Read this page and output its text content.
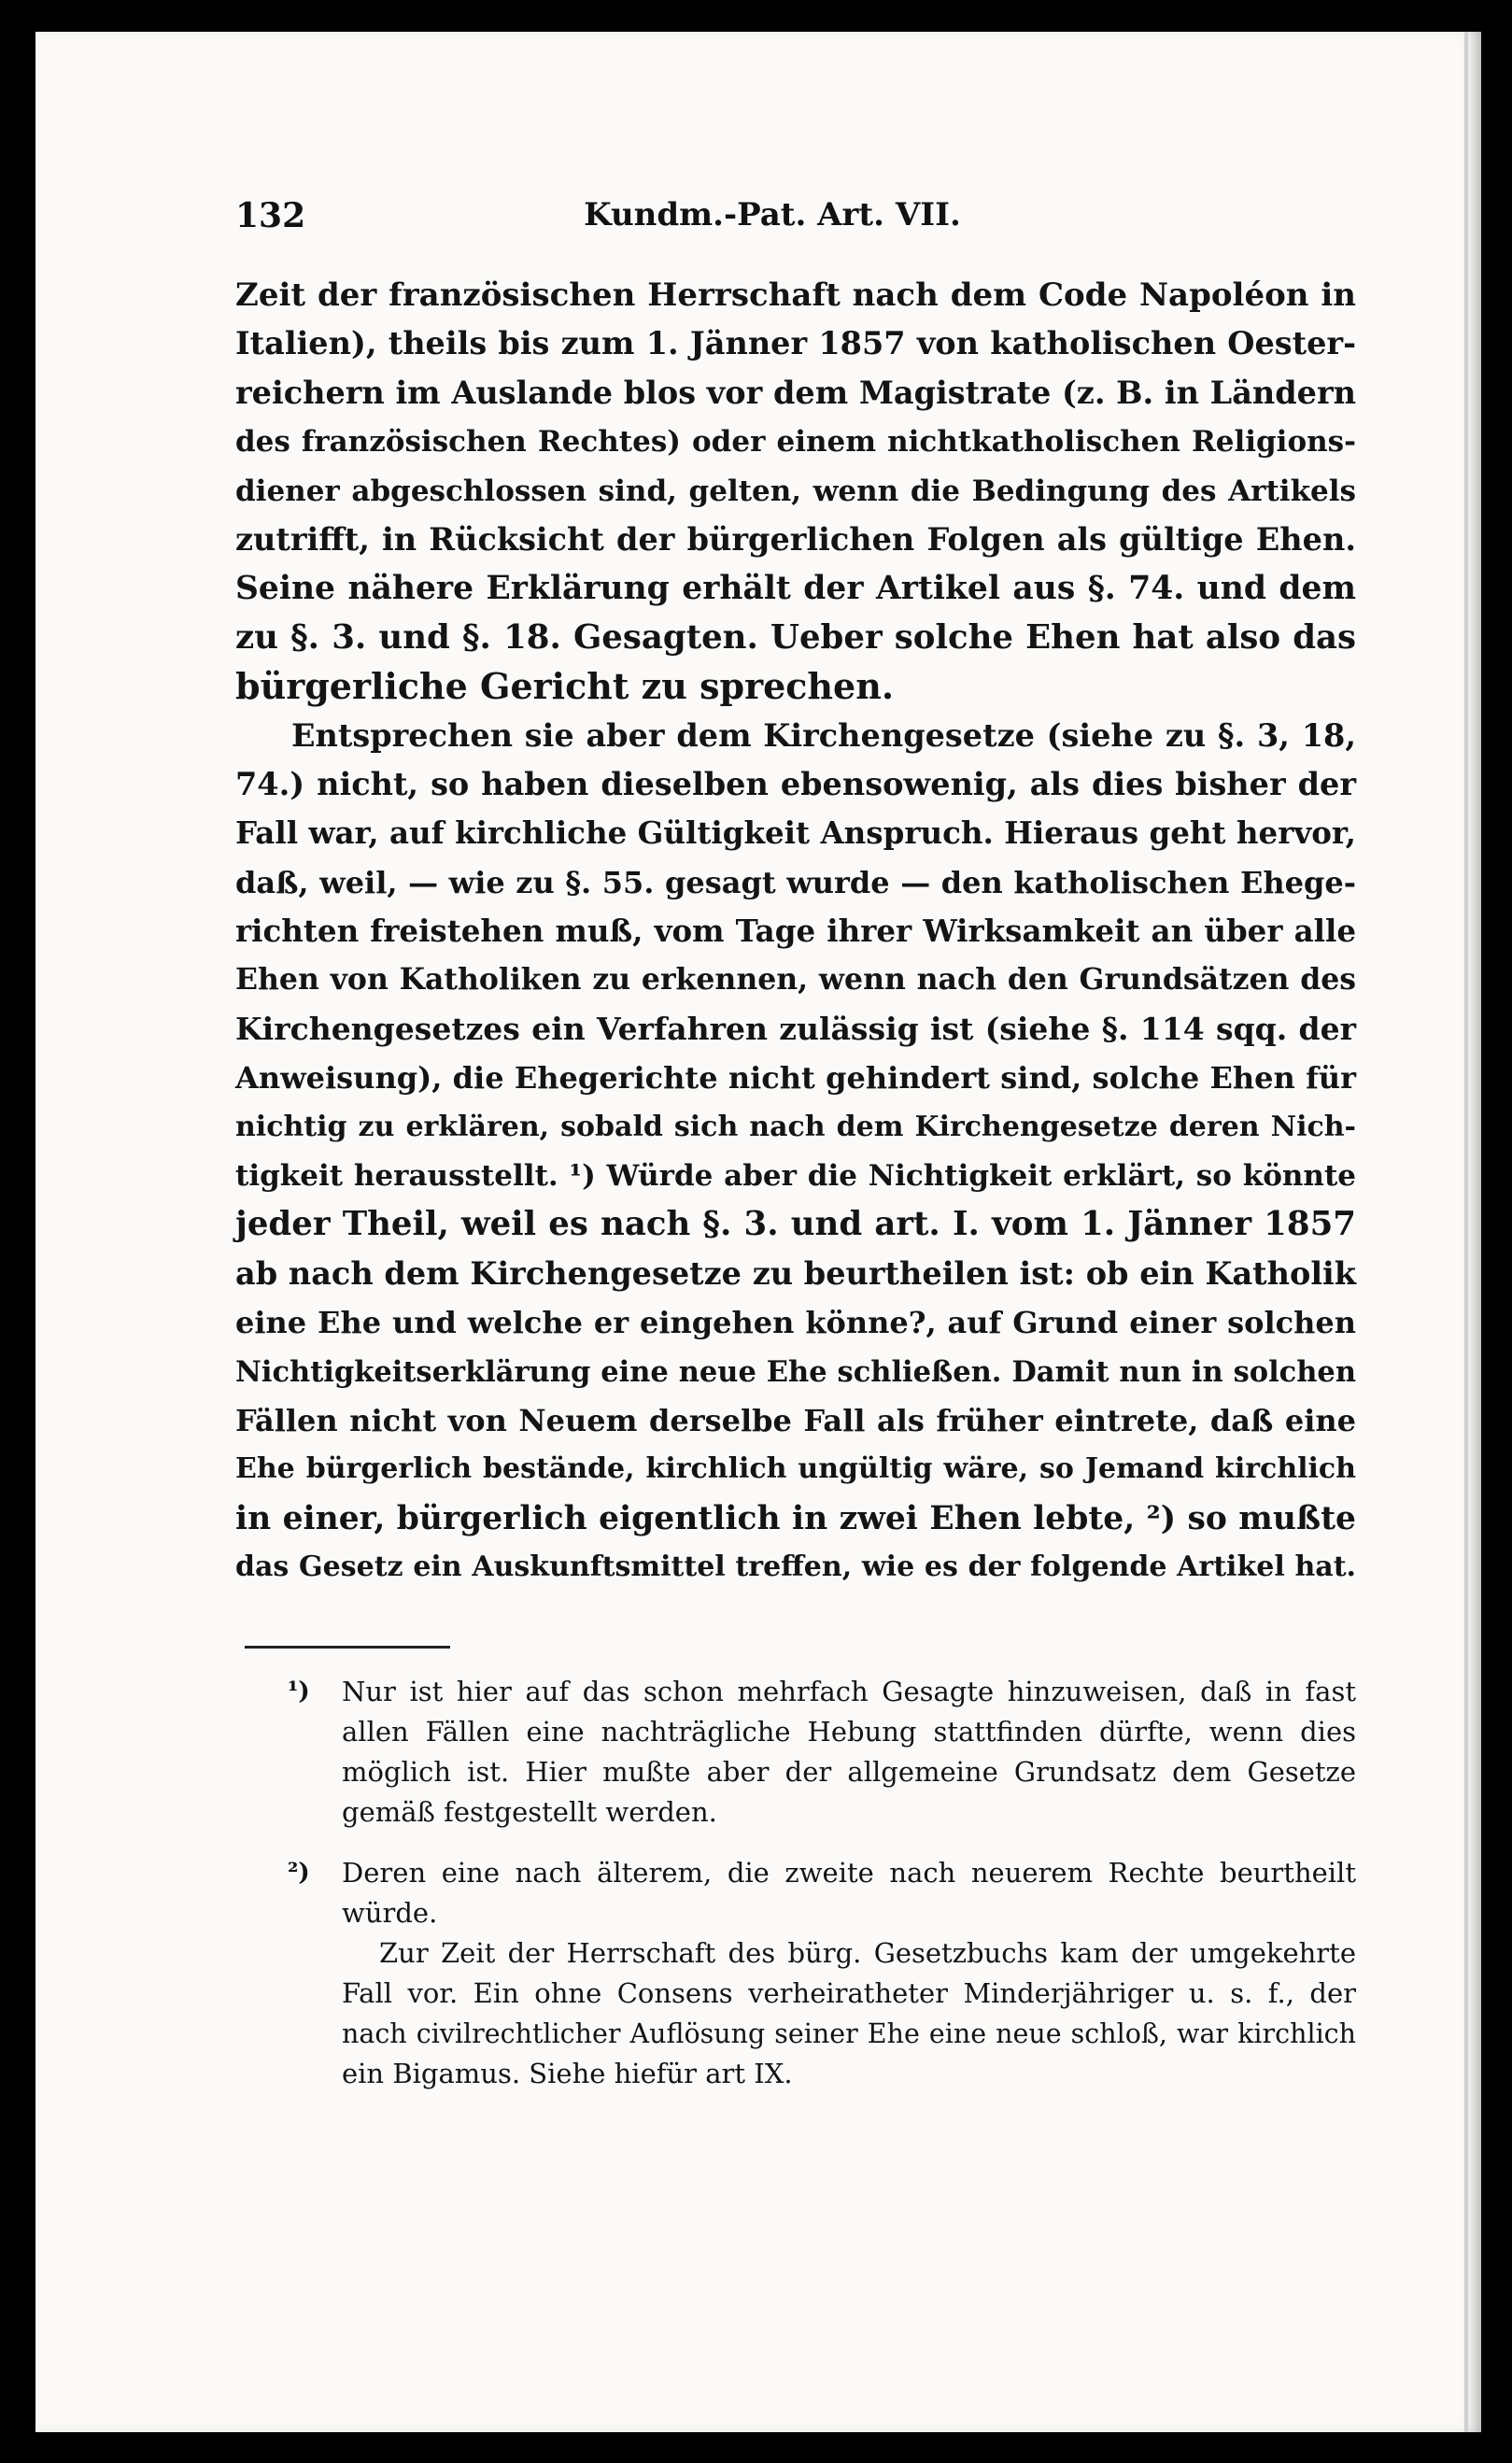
132	Kundm.-Pat. Art. VII.
Zeit der französischen Herrschaft nach dem Code Napoléon in
Italien), theils bis zum 1. Jänner 1857 von katholischen Oester-
reichern im Auslande blos vor dem Magistrate (z. B. in Ländern
des französischen Rechtes) oder einem nichtkatholischen Religions-
diener abgeschlossen sind, gelten, wenn die Bedingung des Artikels
zutrifft, in Rücksicht der bürgerlichen Folgen als gültige Ehen.
Seine nähere Erklärung erhält der Artikel aus §. 74. und dem
zu §. 3. und §. 18. Gesagten. Ueber solche Ehen hat also das
bürgerliche Gericht zu sprechen.
Entsprechen sie aber dem Kirchengesetze (siehe zu §. 3, 18,
74.) nicht, so haben dieselben ebensowenig, als dies bisher der
Fall war, auf kirchliche Gültigkeit Anspruch. Hieraus geht hervor,
daß, weil, — wie zu §. 55. gesagt wurde — den katholischen Ehege-
richten freistehen muß, vom Tage ihrer Wirksamkeit an über alle
Ehen von Katholiken zu erkennen, wenn nach den Grundsätzen des
Kirchengesetzes ein Verfahren zulässig ist (siehe §. 114 sqq. der
Anweisung), die Ehegerichte nicht gehindert sind, solche Ehen für
nichtig zu erklären, sobald sich nach dem Kirchengesetze deren Nich-
tigkeit herausstellt. ¹) Würde aber die Nichtigkeit erklärt, so könnte
jeder Theil, weil es nach §. 3. und art. I. vom 1. Jänner 1857
ab nach dem Kirchengesetze zu beurtheilen ist: ob ein Katholik
eine Ehe und welche er eingehen könne?, auf Grund einer solchen
Nichtigkeitserklärung eine neue Ehe schließen. Damit nun in solchen
Fällen nicht von Neuem derselbe Fall als früher eintrete, daß eine
Ehe bürgerlich bestände, kirchlich ungültig wäre, so Jemand kirchlich
in einer, bürgerlich eigentlich in zwei Ehen lebte, ²) so mußte
das Gesetz ein Auskunftsmittel treffen, wie es der folgende Artikel hat.
¹) Nur ist hier auf das schon mehrfach Gesagte hinzuweisen, daß in fast
allen Fällen eine nachträgliche Hebung stattfinden dürfte, wenn dies
möglich ist. Hier mußte aber der allgemeine Grundsatz dem Gesetze
gemäß festgestellt werden.
²) Deren eine nach älterem, die zweite nach neuerem Rechte beurtheilt
würde.
Zur Zeit der Herrschaft des bürg. Gesetzbuchs kam der umgekehrte
Fall vor. Ein ohne Consens verheiratheter Minderjähriger u. s. f., der
nach civilrechtlicher Auflösung seiner Ehe eine neue schloß, war kirchlich
ein Bigamus. Siehe hiefür art IX.
